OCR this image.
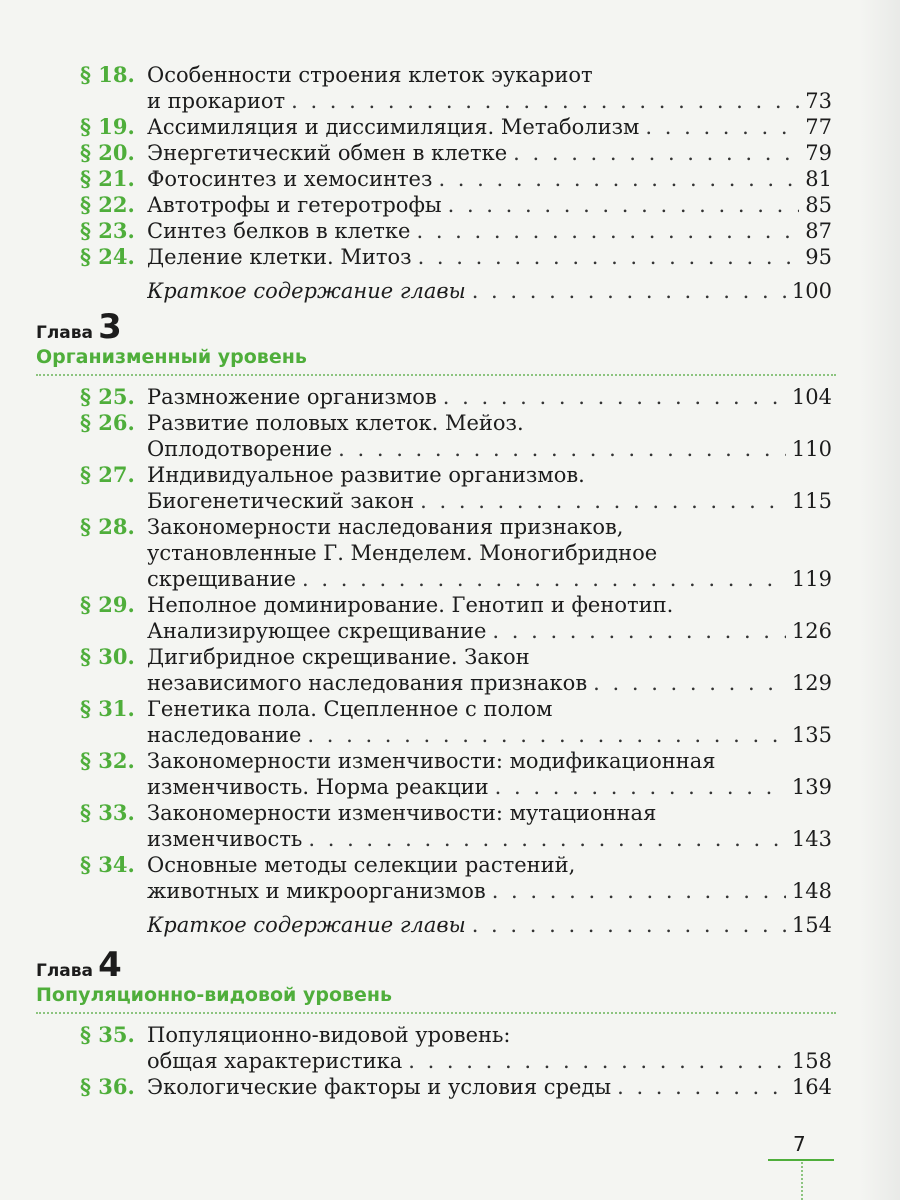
§ 18. Особенности строения клеток эукариот
и прокариот . . .	73
§ 19. Ассимиляция и диссимиляция. Метаболизм . . .	77
§ 20. Энергетический обмен в клетке . . .	79
§ 21. Фотосинтез и хемосинтез . . .	81
§ 22. Автотрофы и гетеротрофы . . .	85
§ 23. Синтез белков в клетке . . .	87
§ 24. Деление клетки. Митоз . . .	95
Краткое содержание главы . . .	100
Глава 3
Организменный уровень
§ 25. Размножение организмов . . .	104
§ 26. Развитие половых клеток. Мейоз.
Оплодотворение . . .	110
§ 27. Индивидуальное развитие организмов.
Биогенетический закон . . .	115
§ 28. Закономерности наследования признаков,
установленные Г. Менделем. Моногибридное
скрещивание . . .	119
§ 29. Неполное доминирование. Генотип и фенотип.
Анализирующее скрещивание . . .	126
§ 30. Дигибридное скрещивание. Закон
независимого наследования признаков . . .	129
§ 31. Генетика пола. Сцепленное с полом
наследование . . .	135
§ 32. Закономерности изменчивости: модификационная
изменчивость. Норма реакции . . .	139
§ 33. Закономерности изменчивости: мутационная
изменчивость . . .	143
§ 34. Основные методы селекции растений,
животных и микроорганизмов . . .	148
Краткое содержание главы . . .	154
Глава 4
Популяционно-видовой уровень
§ 35. Популяционно-видовой уровень:
общая характеристика . . .	158
§ 36. Экологические факторы и условия среды . . .	164
7
